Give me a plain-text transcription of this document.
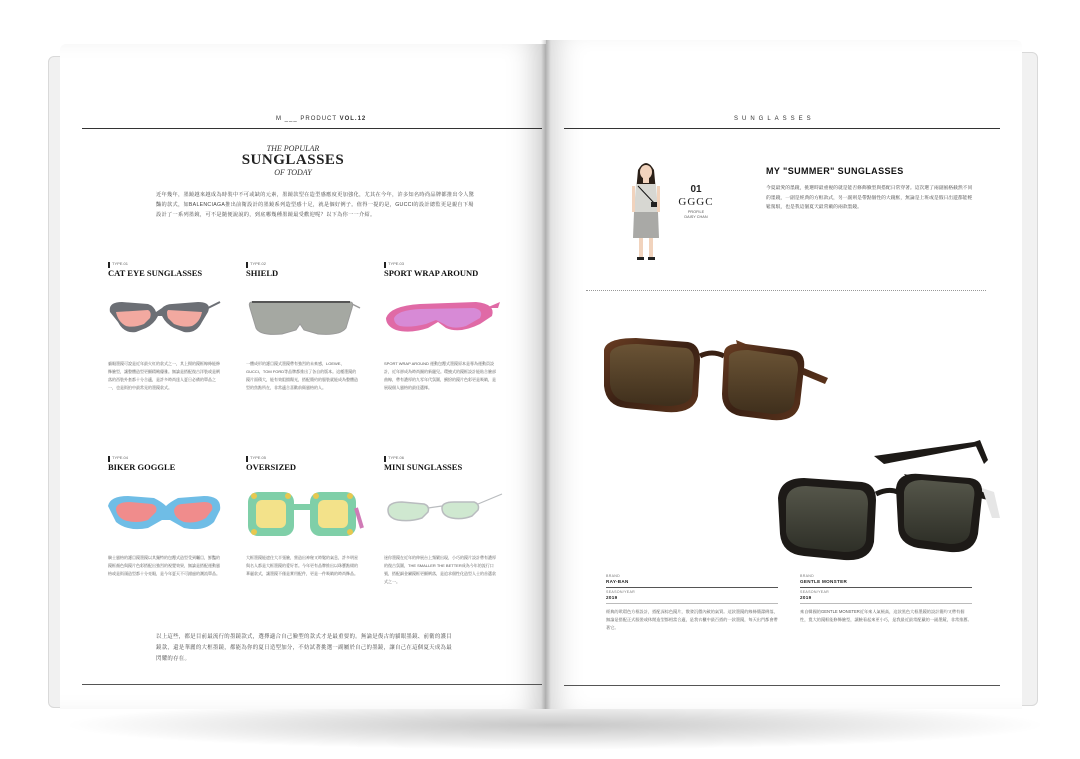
M ___ PRODUCT VOL.12
THE POPULAR
SUNGLASSES
OF TODAY
近年幾年，墨鏡越來越成為時裝中不可或缺的元素，墨鏡款型在造型感應度更加強化，尤其在今年，許多知名時尚品牌都推出令人驚豔的款式，如BALENCIAGA推出前衛設計的墨鏡系列造型感十足，就是個好例子。值得一提的是，GUCCI的設計總監更是親自下場設計了一系列墨鏡，可不是隨便說說的，到底哪幾種墨鏡最受歡迎呢？以下為你一一介紹。
TYPE.01
CAT EYE SUNGLASSES
貓眼墨鏡可說是近年最火紅的款式之一，其上揚的鏡框線條能修飾臉型，讓整體造型更顯精緻優雅。無論是搭配復古洋裝或是俐落的西裝外套都十分合適，是許多時尚達人夏日必備的單品之一，也是街拍中最常見的墨鏡款式。
TYPE.02
SHIELD
一體成形的護目鏡式墨鏡帶有強烈的未來感，LOEWE、GUCCI、TOM FORD等品牌都推出了各自的版本。這種墨鏡的鏡片面積大，能有效阻擋陽光，搭配簡約的服裝就能成為整體造型的焦點所在，非常適合喜歡前衛風格的人。
TYPE.03
SPORT WRAP AROUND
SPORT WRAP AROUND 運動包覆式墨鏡原本是專為運動員設計，近年卻成為時尚圈的新寵兒。環繞式的鏡框設計能貼合臉部曲線，帶有濃厚的九零年代氛圍，繽紛的鏡片色彩更是吸睛，是展現個人風格的最佳選擇。
TYPE.04
BIKER GOGGLE
騎士風格的護目鏡墨鏡以其獨特的包覆式造型受到矚目，鮮豔的鏡框顏色與鏡片色彩搭配出強烈的視覺效果，無論是搭配運動風格或是街頭造型都十分亮眼，是今年夏天不可錯過的潮流單品。
TYPE.05
OVERSIZED
大框墨鏡能遮住大半張臉，營造出神秘又時髦的氣息，許多明星與名人都是大框墨鏡的愛好者。今年更有品牌推出以珠寶點綴的華麗款式，讓墨鏡不僅是實用配件，更是一件吸睛的時尚飾品。
TYPE.06
MINI SUNGLASSES
迷你墨鏡在近年的伸展台上頻繁出現，小巧的鏡片設計帶有濃厚的復古氛圍，THE SMALLER THE BETTER成為今年的流行口號，搭配細金屬鏡框更顯俐落，是追求個性化造型人士的首選款式之一。
以上這些，都是目前最流行的墨鏡款式，選擇適合自己臉型的款式才是最重要的。無論是復古的貓眼墨鏡、前衛的護目鏡款，還是華麗的大框墨鏡，都能為你的夏日造型加分，不妨試著挑選一副屬於自己的墨鏡，讓自己在這個夏天成為最閃耀的存在。
SUNGLASSES
01
GGGC
PROFILE
DAISY CHAN
MY "SUMMER" SUNGLASSES
今夏最愛的墨鏡，挑選時最重視的就是能否修飾臉型與搭配日常穿著。這次選了兩副風格截然不同的墨鏡，一副是經典的方框款式，另一副則是帶點個性的大鏡框，無論是上班或是假日出遊都能輕鬆駕馭，也是我這個夏天最常戴的兩款墨鏡。
BRAND
RAY-BAN
SEASON/YEAR
2019
經典的玳瑁色方框設計，搭配深棕色鏡片，散發沉穩內斂的氣質。這款墨鏡的線條簡潔俐落，無論是搭配正式服裝或休閒造型都相當合適，是我衣櫃中最百搭的一款墨鏡，每天出門都會帶著它。
BRAND
GENTLE MONSTER
SEASON/YEAR
2019
來自韓國的GENTLE MONSTER近年來人氣極高，這款黑色大框墨鏡的設計簡約又帶有個性，寬大的鏡框能修飾臉型，讓臉看起來更小巧，是我最近最常配戴的一副墨鏡，非常推薦。
